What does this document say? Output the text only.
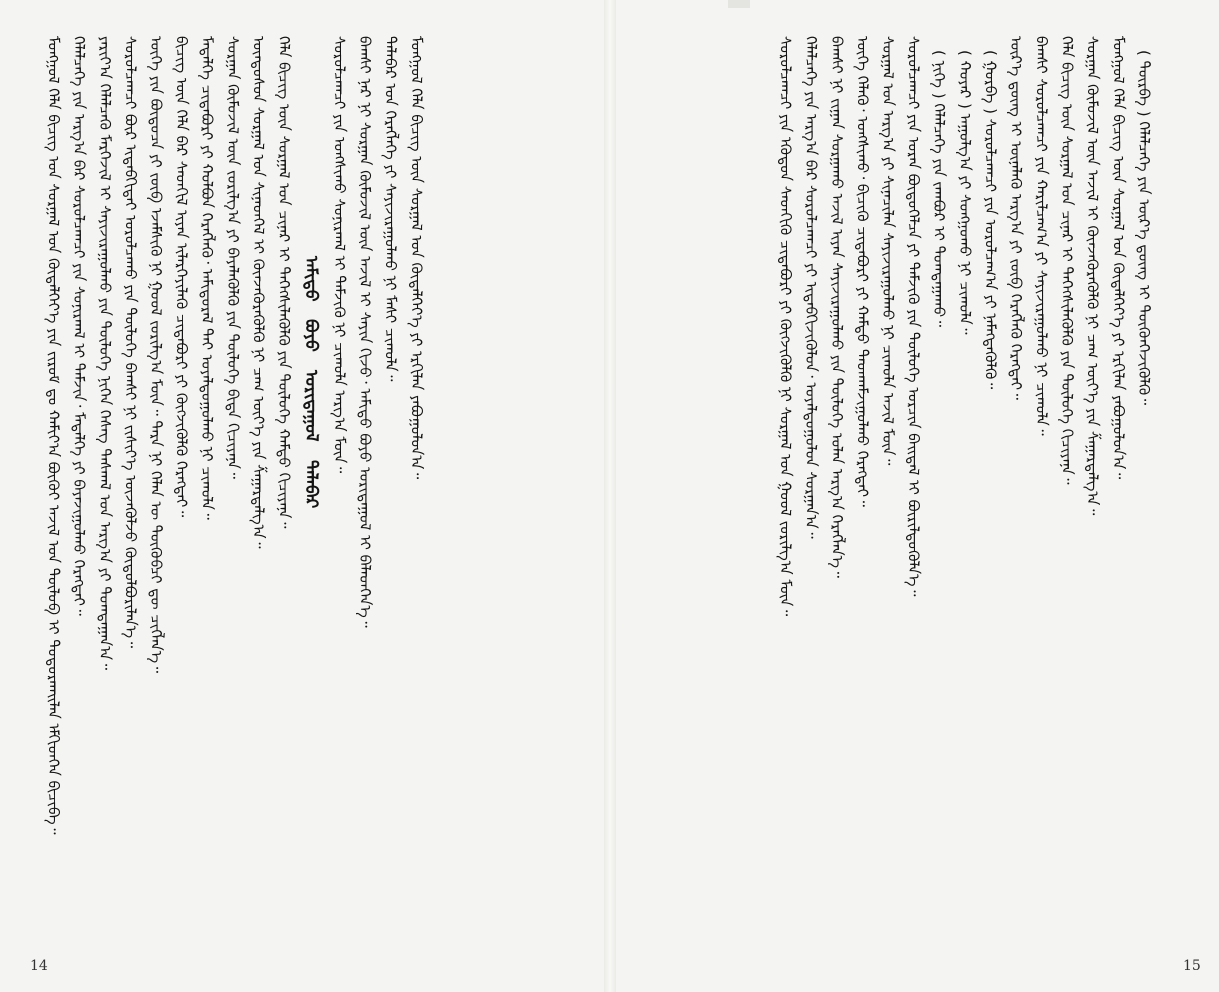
ᠮᠣᠩᠭᠣᠯ ᠬᠡᠯᠡ ᠪᠢᠴᠢᠭ ᠤᠨ ᠰᠤᠷᠭᠠᠯ ᠤᠨ ᠬᠥᠳᠡᠯᠬᠡᠶ᠎ᠡ ᠶᠢᠨ ᠵᠢᠷᠤᠮ ᠳᠤ ᠬᠠᠮᠢᠶ᠎ᠠ ᠪᠦᠬᠦᠢ ᠠᠵᠢᠯ ᠤᠨ ᠲᠥᠯᠥᠪ ᠢ ᠲᠣᠳᠤᠷᠬᠠᠢᠯᠠᠨ ᠡᠮᠬᠢᠳᠬᠡᠨ ᠪᠢᠴᠢᠪᠡ᠃ ᠬᠡᠯᠡᠯᠴᠡᠭᠡ ᠶᠢᠨ ᠠᠷᠭ᠎ᠠ ᠪᠠᠷ ᠰᠤᠷᠤᠯᠴᠠᠭᠴᠢ ᠶᠢᠨ ᠰᠣᠨᠢᠷᠬᠠᠯ ᠢ ᠳᠡᠮᠵᠢᠨ᠂ ᠮᠡᠳᠡᠯᠭᠡ ᠶᠢ ᠪᠠᠶᠠᠵᠢᠭᠤᠯᠬᠤ ᠬᠡᠷᠡᠭᠲᠡᠢ᠃ ᠶᠠᠷᠢᠶ᠎ᠠ ᠬᠡᠯᠡᠯᠴᠡᠬᠦ ᠮᠡᠷᠭᠡᠵᠢᠯ ᠢ ᠰᠠᠶᠢᠵᠢᠷᠠᠭᠤᠯᠬᠤ ᠶᠢᠨ ᠲᠥᠯᠥᠭᠡ ᠨᠢᠭᠡᠨ ᠬᠡᠰᠡᠭ ᠳᠠᠰᠬᠠᠯ ᠤᠨ ᠠᠷᠭ᠎ᠠ ᠶᠢ ᠲᠣᠭᠲᠠᠭᠠᠨ᠎ᠠ᠃ ᠰᠤᠷᠤᠯᠴᠠᠭᠴᠢ ᠪᠦᠷ ᠢᠳᠡᠪᠬᠢᠲᠡᠢ ᠣᠷᠣᠯᠴᠠᠬᠤ ᠶᠢᠨ ᠲᠥᠯᠥᠭᠡ ᠪᠠᠭᠰᠢ ᠨᠢ ᠵᠢᠱᠢᠶ᠎ᠡ ᠦᠵᠡᠭᠦᠯᠵᠦ ᠬᠥᠲᠥᠯᠪᠦᠷᠢᠯᠡᠨ᠎ᠡ᠃ ᠦᠭᠡ ᠶᠢᠨ ᠪᠦᠲᠦᠴᠡ ᠶᠢ ᠵᠥᠪ ᠡᠵᠡᠮᠰᠢᠬᠦ ᠨᠢ ᠭᠣᠣᠯ ᠵᠣᠷᠢᠯᠭ᠎ᠠ ᠮᠥᠨ᠃ ᠲᠡᠷᠡ ᠨᠢ ᠬᠡᠯᠡᠨ ᠦ ᠲᠦᠭᠦᠪᠴᠢ ᠳᠦ ᠴᠢᠭᠯᠡᠨ᠎ᠡ᠃ ᠪᠢᠴᠢᠭ ᠦᠨ ᠬᠡᠯᠡ ᠪᠡᠷ ᠰᠡᠳᠬᠢᠯ ᠢᠶᠡᠨ ᠢᠯᠡᠷᠬᠡᠶᠢᠯᠡᠬᠦ ᠴᠢᠳᠠᠪᠤᠷᠢ ᠶᠢ ᠬᠥᠭᠵᠢᠭᠦᠯᠬᠦ ᠬᠡᠷᠡᠭᠲᠡᠢ᠃ ᠮᠡᠳᠡᠯᠭᠡ ᠴᠢᠳᠠᠪᠤᠷᠢ ᠶᠢ ᠬᠣᠯᠪᠣᠨ ᠬᠡᠷᠡᠭᠯᠡᠬᠦ᠂ ᠠᠮᠢᠳᠤᠷᠠᠯ ᠲᠠᠢ ᠤᠶᠠᠯᠳᠤᠭᠤᠯᠬᠤ ᠨᠢ ᠴᠢᠬᠤᠯᠠ᠃ ᠰᠤᠷᠭᠠᠨ ᠬᠦᠮᠦᠵᠢᠯ ᠦᠨ ᠵᠣᠷᠢᠯᠭ᠎ᠠ ᠶᠢ ᠪᠡᠶᠡᠯᠡᠭᠦᠯᠬᠦ ᠶᠢᠨ ᠲᠥᠯᠥᠭᠡ ᠪᠢᠳᠡ ᠬᠢᠴᠢᠶᠡᠨᠡ᠃ ᠦᠨᠳᠦᠰᠦᠨ ᠰᠤᠷᠭᠠᠯ ᠤᠨ ᠰᠢᠨᠡᠳᠬᠡᠯ ᠢ ᠭᠦᠨᠵᠡᠭᠦᠷᠡᠭᠦᠯᠬᠦ ᠨᠢ ᠴᠠᠭ ᠦᠶ᠎ᠡ ᠶᠢᠨ ᠱᠠᠭᠠᠷᠳᠠᠯᠭ᠎ᠠ᠃ ᠬᠡᠯᠡ ᠪᠢᠴᠢᠭ ᠦᠨ ᠰᠤᠷᠭᠠᠯ ᠤᠨ ᠴᠢᠨᠠᠷ ᠢ ᠳᠡᠭᠡᠭᠰᠢᠯᠡᠭᠦᠯᠬᠦ ᠶᠢᠨ ᠲᠥᠯᠥᠭᠡ ᠬᠠᠮᠲᠤ ᠬᠢᠴᠢᠶᠡᠨᠡ᠃ ᠠᠮᠢᠳᠤ ᠪᠤᠶᠤ ᠤᠷᠢᠳᠠᠭᠤᠯ ᠲᠠᠯᠠᠪᠠᠷ
ᠰᠤᠷᠤᠯᠴᠠᠭᠴᠢ ᠶᠢᠨ ᠤᠩᠰᠢᠬᠤ ᠰᠣᠨᠢᠷᠬᠠᠯ ᠢ ᠳᠡᠮᠵᠢᠬᠦ ᠨᠢ ᠴᠢᠬᠤᠯᠠ ᠠᠷᠭ᠎ᠠ ᠮᠥᠨ᠃ ᠪᠠᠭᠰᠢ ᠨᠠᠷ ᠨᠢ ᠰᠤᠷᠭᠠᠨ ᠬᠦᠮᠦᠵᠢᠯ ᠦᠨ ᠠᠵᠢᠯ ᠢ ᠰᠠᠶᠢᠨ ᠬᠢᠵᠦ᠂ ᠠᠮᠢᠳᠤ ᠪᠤᠶᠤ ᠤᠷᠢᠳᠠᠭᠤᠯ ᠢ ᠪᠡᠯᠡᠳᠬᠡᠨ᠎ᠡ᠃ ᠲᠠᠯᠠᠪᠠᠷ ᠤᠨ ᠬᠡᠷᠡᠭᠯᠡᠭᠡ ᠶᠢ ᠰᠠᠶᠢᠵᠢᠷᠠᠭᠤᠯᠬᠤ ᠨᠢ ᠮᠠᠰᠢ ᠴᠢᠬᠤᠯᠠ᠃ ᠮᠣᠩᠭᠣᠯ ᠬᠡᠯᠡ ᠪᠢᠴᠢᠭ ᠦᠨ ᠰᠤᠷᠭᠠᠯ ᠤᠨ ᠬᠥᠳᠡᠯᠬᠡᠶ᠎ᠡ ᠶᠢ ᠡᠷᠬᠢᠯᠡᠨ ᠶᠠᠪᠤᠭᠤᠯᠤᠨ᠎ᠠ᠃
14
ᠰᠤᠷᠤᠯᠴᠠᠭᠴᠢ ᠶᠢᠨ ᠡᠭᠦᠳᠦᠨ ᠰᠡᠳᠬᠢᠬᠦ ᠴᠢᠳᠠᠪᠤᠷᠢ ᠶᠢ ᠬᠥᠭᠵᠢᠭᠦᠯᠬᠦ ᠨᠢ ᠰᠤᠷᠭᠠᠯ ᠤᠨ ᠭᠣᠣᠯ ᠵᠣᠷᠢᠯᠭ᠎ᠠ ᠮᠥᠨ᠃ ᠬᠡᠯᠡᠯᠴᠡᠭᠡ ᠶᠢᠨ ᠠᠷᠭ᠎ᠠ ᠪᠠᠷ ᠰᠤᠷᠤᠯᠴᠠᠭᠴᠢ ᠶᠢ ᠢᠳᠡᠪᠬᠢᠵᠢᠭᠦᠯᠦᠨ᠂ ᠤᠶᠠᠯᠳᠤᠭᠤᠯᠤᠨ ᠰᠤᠷᠭᠠᠨ᠎ᠠ᠃ ᠪᠠᠭᠰᠢ ᠨᠢ ᠵᠢᠭᠠᠨ ᠰᠤᠷᠭᠠᠬᠤ ᠠᠵᠢᠯ ᠢᠶᠡᠨ ᠰᠠᠶᠢᠵᠢᠷᠠᠭᠤᠯᠬᠤ ᠶᠢᠨ ᠲᠥᠯᠥᠭᠡ ᠣᠯᠠᠨ ᠠᠷᠭ᠎ᠠ ᠬᠡᠷᠡᠭᠯᠡᠨ᠎ᠡ᠃ ᠦᠭᠡ ᠬᠡᠯᠡᠬᠦ᠂ ᠣᠩᠰᠢᠬᠤ᠂ ᠪᠢᠴᠢᠬᠦ ᠴᠢᠳᠠᠪᠤᠷᠢ ᠶᠢ ᠬᠠᠮᠲᠤ ᠳᠠᠳᠬᠠᠮᠵᠢᠭᠤᠯᠬᠤ ᠬᠡᠷᠡᠭᠲᠡᠢ᠃ ᠰᠤᠷᠭᠠᠯ ᠤᠨ ᠠᠷᠭ᠎ᠠ ᠶᠢ ᠰᠢᠨᠡᠴᠢᠯᠡᠨ ᠰᠠᠶᠢᠵᠢᠷᠠᠭᠤᠯᠬᠤ ᠨᠢ ᠴᠢᠬᠤᠯᠠ ᠠᠵᠢᠯ ᠮᠥᠨ᠃ ᠰᠤᠷᠤᠯᠴᠠᠭᠴᠢ ᠶᠢᠨ ᠤᠷᠠᠨ ᠪᠦᠲᠦᠭᠡᠯᠴᠡ ᠶᠢ ᠳᠡᠮᠵᠢᠬᠦ ᠶᠢᠨ ᠲᠥᠯᠥᠭᠡ ᠣᠷᠴᠢᠨ ᠪᠠᠢᠳᠠᠯ ᠢ ᠪᠦᠷᠢᠯᠳᠦᠭᠦᠯᠨ᠎ᠡ᠃ ( ᠨᠢᠭᠡ ) ᠬᠡᠯᠡᠯᠴᠡᠭᠡ ᠶᠢᠨ ᠵᠠᠭᠪᠤᠷ ᠢ ᠲᠣᠭᠲᠠᠭᠠᠬᠤ᠃ ( ᠬᠣᠶᠠᠷ ) ᠠᠭᠤᠯᠭ᠎ᠠ ᠶᠢ ᠰᠣᠩᠭᠣᠬᠤ ᠨᠢ ᠴᠢᠬᠤᠯᠠ᠃ ( ᠭᠤᠷᠪᠠ ) ᠰᠤᠷᠤᠯᠴᠠᠭᠴᠢ ᠶᠢᠨ ᠣᠷᠣᠯᠴᠠᠭ᠎ᠠ ᠶᠢ ᠨᠡᠮᠡᠭᠳᠡᠭᠦᠯᠬᠦ᠃ ᠦᠷ᠎ᠡ ᠳ᠋ᠦᠩ ᠢ ᠦᠨᠡᠯᠡᠬᠦ ᠠᠷᠭ᠎ᠠ ᠶᠢ ᠵᠥᠪ ᠬᠡᠷᠡᠭᠯᠡᠬᠦ ᠬᠡᠷᠡᠭᠲᠡᠢ᠃ ᠪᠠᠭᠰᠢ ᠰᠤᠷᠤᠯᠴᠠᠭᠴᠢ ᠶᠢᠨ ᠬᠠᠷᠢᠯᠴᠠᠭ᠎ᠠ ᠶᠢ ᠰᠠᠶᠢᠵᠢᠷᠠᠭᠤᠯᠬᠤ ᠨᠢ ᠴᠢᠬᠤᠯᠠ᠃ ᠬᠡᠯᠡ ᠪᠢᠴᠢᠭ ᠦᠨ ᠰᠤᠷᠭᠠᠯ ᠤᠨ ᠴᠢᠨᠠᠷ ᠢ ᠳᠡᠭᠡᠭᠰᠢᠯᠡᠭᠦᠯᠬᠦ ᠶᠢᠨ ᠲᠥᠯᠥᠭᠡ ᠬᠢᠴᠢᠶᠡᠨᠡ᠃ ᠰᠤᠷᠭᠠᠨ ᠬᠦᠮᠦᠵᠢᠯ ᠦᠨ ᠠᠵᠢᠯ ᠢ ᠭᠦᠨᠵᠡᠭᠦᠷᠡᠭᠦᠯᠬᠦ ᠨᠢ ᠴᠠᠭ ᠦᠶ᠎ᠡ ᠶᠢᠨ ᠱᠠᠭᠠᠷᠳᠠᠯᠭ᠎ᠠ᠃ ᠮᠣᠩᠭᠣᠯ ᠬᠡᠯᠡ ᠪᠢᠴᠢᠭ ᠦᠨ ᠰᠤᠷᠭᠠᠯ ᠤᠨ ᠬᠥᠳᠡᠯᠬᠡᠶ᠎ᠡ ᠶᠢ ᠡᠷᠬᠢᠯᠡᠨ ᠶᠠᠪᠤᠭᠤᠯᠤᠨ᠎ᠠ᠃ ( ᠳᠥᠷᠪᠡ ) ᠬᠡᠯᠡᠯᠴᠡᠭᠡ ᠶᠢᠨ ᠦᠷ᠎ᠡ ᠳ᠋ᠦᠩ ᠢ ᠳᠦᠭᠦᠨᠭᠡᠵᠢᠭᠦᠯᠬᠦ᠃
15
